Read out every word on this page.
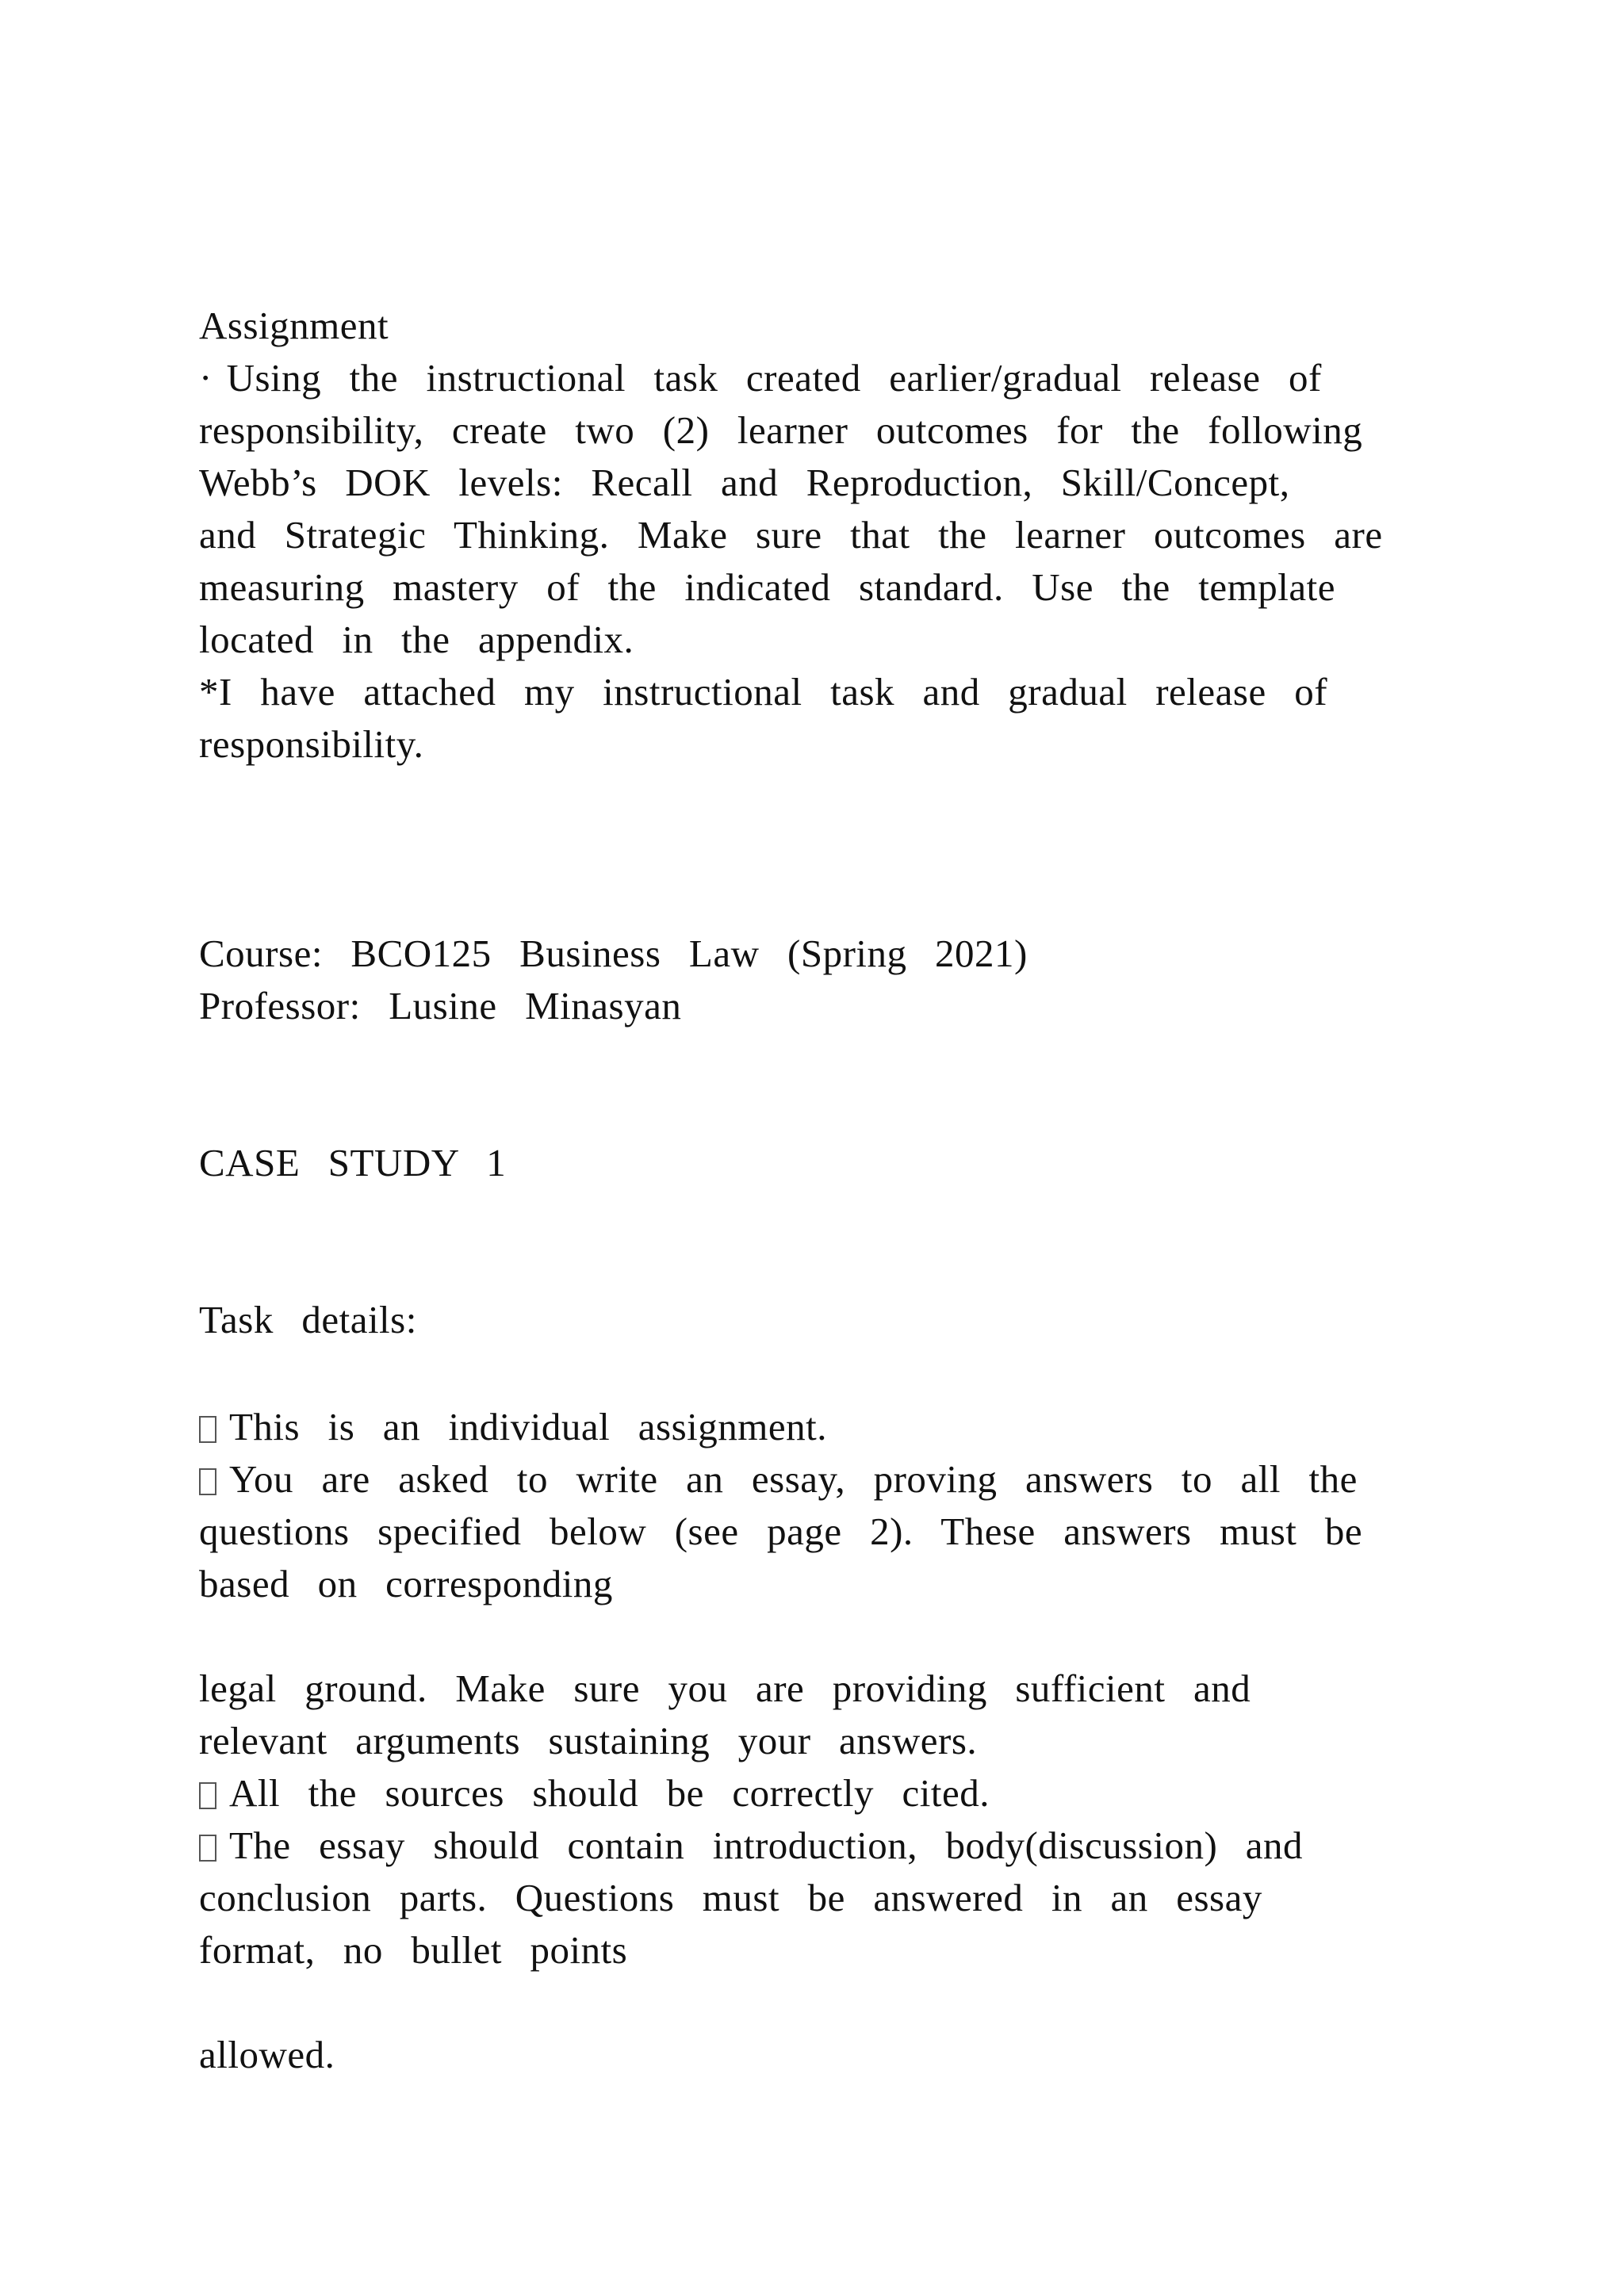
Assignment
· Using  the  instructional  task  created  earlier/gradual  release  of
responsibility,  create  two  (2)  learner  outcomes  for  the  following
Webb’s  DOK  levels:  Recall  and  Reproduction,  Skill/Concept,
and  Strategic  Thinking.  Make  sure  that  the  learner  outcomes  are
measuring  mastery  of  the  indicated  standard.  Use  the  template
located  in  the  appendix.
*I  have  attached  my  instructional  task  and  gradual  release  of
responsibility.
Course:  BCO125  Business  Law  (Spring  2021)
Professor:  Lusine  Minasyan
CASE  STUDY  1
Task  details:
This  is  an  individual  assignment.
You  are  asked  to  write  an  essay,  proving  answers  to  all  the
questions  specified  below  (see  page  2).  These  answers  must  be
based  on  corresponding
legal  ground.  Make  sure  you  are  providing  sufficient  and
relevant  arguments  sustaining  your  answers.
All  the  sources  should  be  correctly  cited.
The  essay  should  contain  introduction,  body(discussion)  and
conclusion  parts.  Questions  must  be  answered  in  an  essay
format,  no  bullet  points
allowed.
